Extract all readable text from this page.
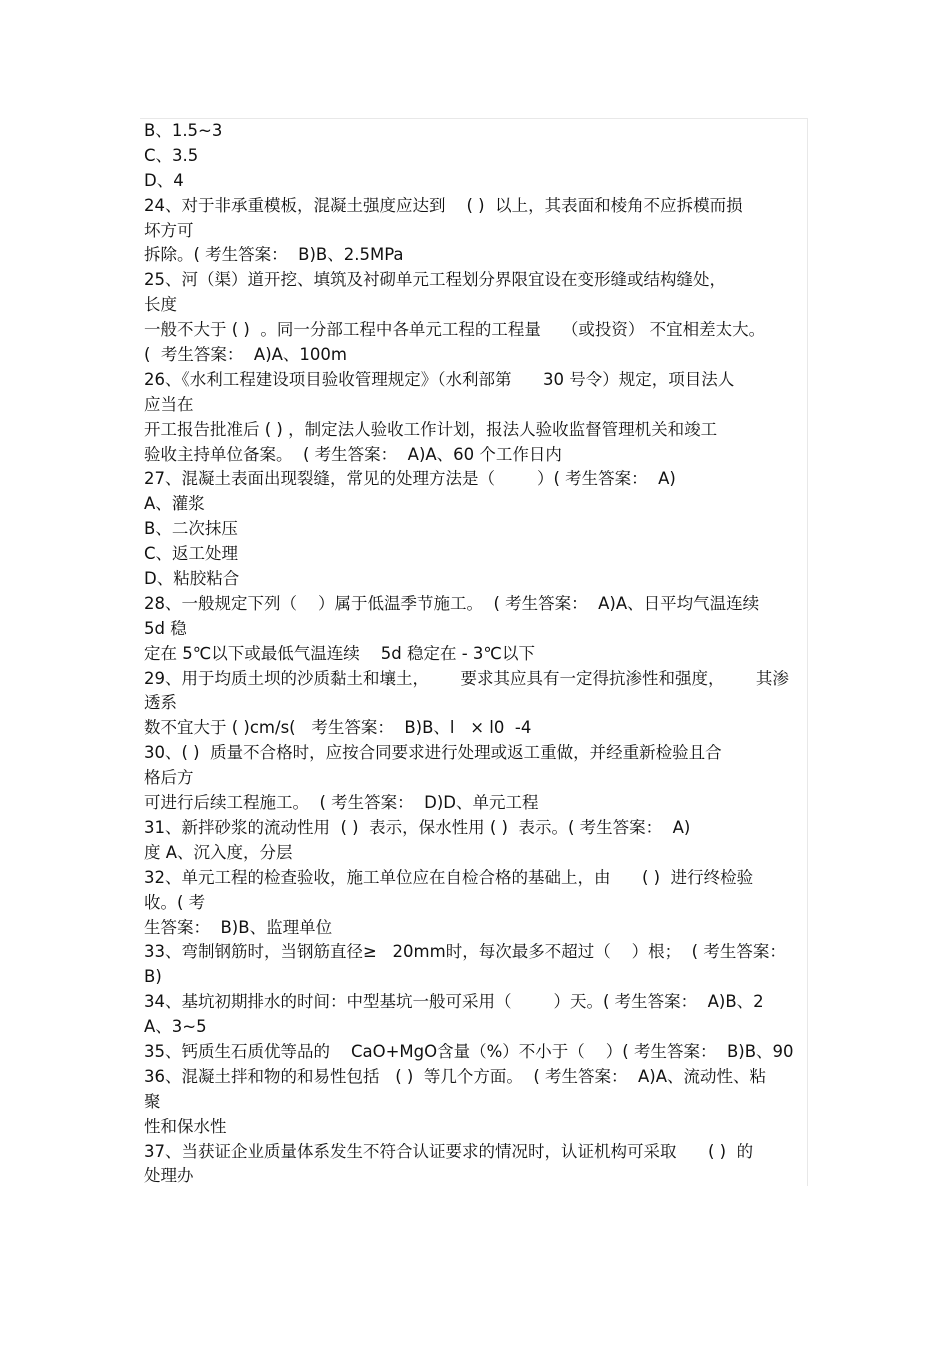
B、1.5~3
C、3.5
D、4
24、对于非承重模板，混凝土强度应达到    ( )  以上，其表面和棱角不应拆模而损
坏方可
拆除。( 考生答案：  B)B、2.5MPa
25、河（渠）道开挖、填筑及衬砌单元工程划分界限宜设在变形缝或结构缝处，
长度
一般不大于 ( )  。同一分部工程中各单元工程的工程量    （或投资） 不宜相差太大。
(  考生答案：  A)A、100m
26、《水利工程建设项目验收管理规定》（水利部第      30 号令）规定，项目法人
应当在
开工报告批准后 ( ) ，制定法人验收工作计划，报法人验收监督管理机关和竣工
验收主持单位备案。  ( 考生答案：  A)A、60 个工作日内
27、混凝土表面出现裂缝，常见的处理方法是（        ）( 考生答案：  A)
A、灌浆
B、二次抹压
C、返工处理
D、粘胶粘合
28、一般规定下列（    ）属于低温季节施工。  ( 考生答案：  A)A、日平均气温连续
5d 稳
定在 5℃以下或最低气温连续    5d 稳定在 - 3℃以下
29、用于均质土坝的沙质黏土和壤土，      要求其应具有一定得抗渗性和强度，      其渗
透系
数不宜大于 ( )cm/s(   考生答案：  B)B、l   × l0  -4
30、( )  质量不合格时，应按合同要求进行处理或返工重做，并经重新检验且合
格后方
可进行后续工程施工。  ( 考生答案：  D)D、单元工程
31、新拌砂浆的流动性用  ( )  表示，保水性用 ( )  表示。( 考生答案：  A)
度 A、沉入度，分层
32、单元工程的检查验收，施工单位应在自检合格的基础上，由      ( )  进行终检验
收。( 考
生答案：  B)B、监理单位
33、弯制钢筋时，当钢筋直径≥   20mm时，每次最多不超过（    ）根；  ( 考生答案：
B)
34、基坑初期排水的时间：中型基坑一般可采用（        ）天。( 考生答案：  A)B、2
A、3~5
35、钙质生石质优等品的    CaO+MgO含量（%）不小于（    ）( 考生答案：  B)B、90
36、混凝土拌和物的和易性包括   ( )  等几个方面。  ( 考生答案：  A)A、流动性、粘
聚
性和保水性
37、当获证企业质量体系发生不符合认证要求的情况时，认证机构可采取      ( )  的
处理办
